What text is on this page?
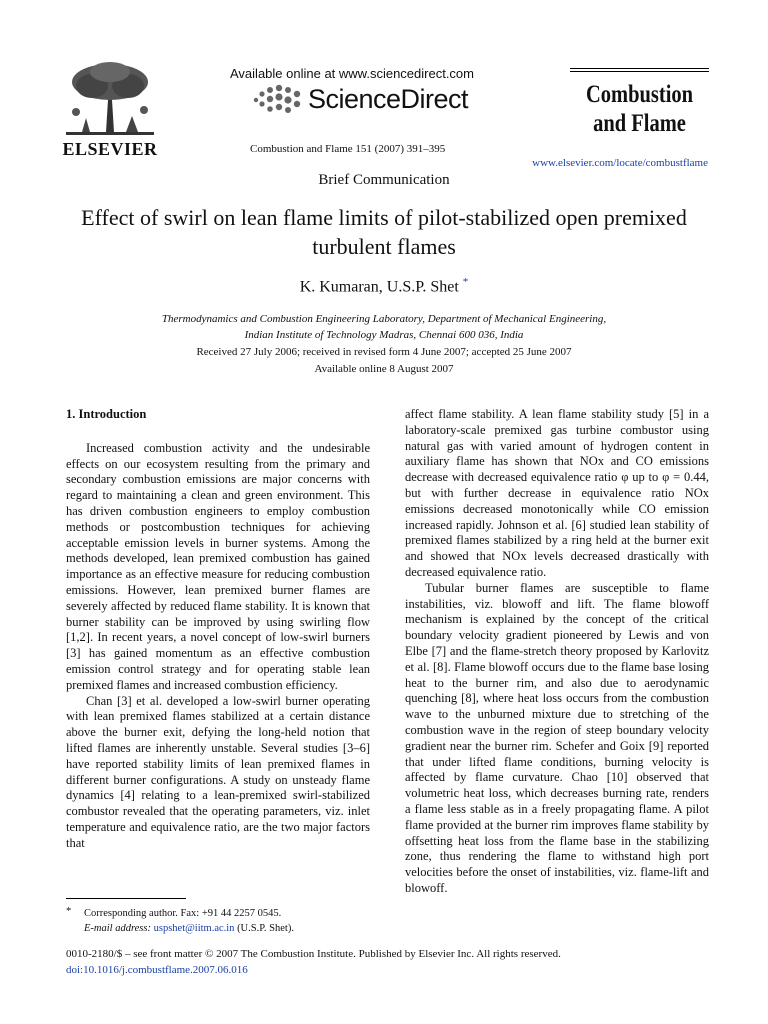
ELSEVIER
Available online at www.sciencedirect.com
ScienceDirect
Combustion and Flame 151 (2007) 391–395
Combustion
and Flame
www.elsevier.com/locate/combustflame
Brief Communication
Effect of swirl on lean flame limits of pilot-stabilized open premixed turbulent flames
K. Kumaran, U.S.P. Shet *
Thermodynamics and Combustion Engineering Laboratory, Department of Mechanical Engineering,
Indian Institute of Technology Madras, Chennai 600 036, India
Received 27 July 2006; received in revised form 4 June 2007; accepted 25 June 2007
Available online 8 August 2007
1. Introduction

Increased combustion activity and the undesirable effects on our ecosystem resulting from the primary and secondary combustion emissions are major concerns with regard to maintaining a clean and green environment. This has driven combustion engineers to employ combustion methods or postcombustion techniques for achieving acceptable emission levels in burner systems. Among the methods developed, lean premixed combustion has gained importance as an effective measure for reducing combustion emissions. However, lean premixed burner flames are severely affected by reduced flame stability. It is known that burner stability can be improved by using swirling flow [1,2]. In recent years, a novel concept of low-swirl burners [3] has gained momentum as an effective combustion emission control strategy and for operating stable lean premixed flames and increased combustion efficiency.

Chan [3] et al. developed a low-swirl burner operating with lean premixed flames stabilized at a certain distance above the burner exit, defying the long-held notion that lifted flames are inherently unstable. Several studies [3–6] have reported stability limits of lean premixed flames in different burner configurations. A study on unsteady flame dynamics [4] relating to a lean-premixed swirl-stabilized combustor revealed that the operating parameters, viz. inlet temperature and equivalence ratio, are the two major factors that

affect flame stability. A lean flame stability study [5] in a laboratory-scale premixed gas turbine combustor using natural gas with varied amount of hydrogen content in auxiliary flame has shown that NOx and CO emissions decrease with decreased equivalence ratio φ up to φ = 0.44, but with further decrease in equivalence ratio NOx emissions decreased monotonically while CO emission increased rapidly. Johnson et al. [6] studied lean stability of premixed flames stabilized by a ring held at the burner exit and showed that NOx levels decreased drastically with decreased equivalence ratio.

Tubular burner flames are susceptible to flame instabilities, viz. blowoff and lift. The flame blowoff mechanism is explained by the concept of the critical boundary velocity gradient pioneered by Lewis and von Elbe [7] and the flame-stretch theory proposed by Karlovitz et al. [8]. Flame blowoff occurs due to the flame base losing heat to the burner rim, and also due to aerodynamic quenching [8], where heat loss occurs from the combustion wave to the unburned mixture due to stretching of the combustion wave in the region of steep boundary velocity gradient near the burner rim. Schefer and Goix [9] reported that under lifted flame conditions, burning velocity is affected by flame curvature. Chao [10] observed that volumetric heat loss, which decreases burning rate, renders a flame less stable as in a freely propagating flame. A pilot flame provided at the burner rim improves flame stability by offsetting heat loss from the flame base in the stabilizing zone, thus rendering the flame to withstand high port velocities before the onset of instabilities, viz. flame-lift and blowoff.

* Corresponding author. Fax: +91 44 2257 0545.
E-mail address: uspshet@iitm.ac.in (U.S.P. Shet).
0010-2180/$ – see front matter © 2007 The Combustion Institute. Published by Elsevier Inc. All rights reserved.
doi:10.1016/j.combustflame.2007.06.016
